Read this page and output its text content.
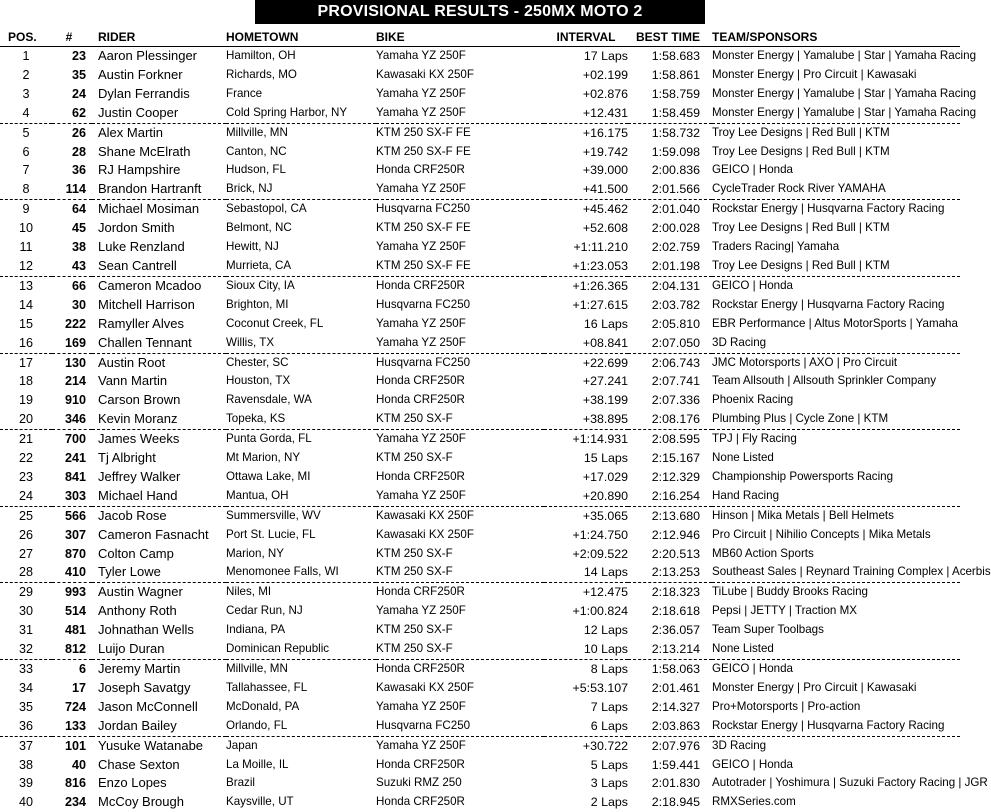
PROVISIONAL RESULTS - 250MX MOTO 2
POS.	#	RIDER	HOMETOWN	BIKE	INTERVAL	BEST TIME	TEAM/SPONSORS
1	23	Aaron Plessinger	Hamilton, OH	Yamaha YZ 250F	17 Laps	1:58.683	Monster Energy | Yamalube | Star | Yamaha Racing
2	35	Austin Forkner	Richards, MO	Kawasaki KX 250F	+02.199	1:58.861	Monster Energy | Pro Circuit | Kawasaki
3	24	Dylan Ferrandis	France	Yamaha YZ 250F	+02.876	1:58.759	Monster Energy | Yamalube | Star | Yamaha Racing
4	62	Justin Cooper	Cold Spring Harbor, NY	Yamaha YZ 250F	+12.431	1:58.459	Monster Energy | Yamalube | Star | Yamaha Racing
5	26	Alex Martin	Millville, MN	KTM 250 SX-F FE	+16.175	1:58.732	Troy Lee Designs | Red Bull | KTM
6	28	Shane McElrath	Canton, NC	KTM 250 SX-F FE	+19.742	1:59.098	Troy Lee Designs | Red Bull | KTM
7	36	RJ Hampshire	Hudson, FL	Honda CRF250R	+39.000	2:00.836	GEICO | Honda
8	114	Brandon Hartranft	Brick, NJ	Yamaha YZ 250F	+41.500	2:01.566	CycleTrader Rock River YAMAHA
9	64	Michael Mosiman	Sebastopol, CA	Husqvarna FC250	+45.462	2:01.040	Rockstar Energy | Husqvarna Factory Racing
10	45	Jordon Smith	Belmont, NC	KTM 250 SX-F FE	+52.608	2:00.028	Troy Lee Designs | Red Bull | KTM
11	38	Luke Renzland	Hewitt, NJ	Yamaha YZ 250F	+1:11.210	2:02.759	Traders Racing| Yamaha
12	43	Sean Cantrell	Murrieta, CA	KTM 250 SX-F FE	+1:23.053	2:01.198	Troy Lee Designs | Red Bull | KTM
13	66	Cameron Mcadoo	Sioux City, IA	Honda CRF250R	+1:26.365	2:04.131	GEICO | Honda
14	30	Mitchell Harrison	Brighton, MI	Husqvarna FC250	+1:27.615	2:03.782	Rockstar Energy | Husqvarna Factory Racing
15	222	Ramyller Alves	Coconut Creek, FL	Yamaha YZ 250F	16 Laps	2:05.810	EBR Performance | Altus MotorSports | Yamaha
16	169	Challen Tennant	Willis, TX	Yamaha YZ 250F	+08.841	2:07.050	3D Racing
17	130	Austin Root	Chester, SC	Husqvarna FC250	+22.699	2:06.743	JMC Motorsports | AXO | Pro Circuit
18	214	Vann Martin	Houston, TX	Honda CRF250R	+27.241	2:07.741	Team Allsouth | Allsouth Sprinkler Company
19	910	Carson Brown	Ravensdale, WA	Honda CRF250R	+38.199	2:07.336	Phoenix Racing
20	346	Kevin Moranz	Topeka, KS	KTM 250 SX-F	+38.895	2:08.176	Plumbing Plus | Cycle Zone | KTM
21	700	James Weeks	Punta Gorda, FL	Yamaha YZ 250F	+1:14.931	2:08.595	TPJ | Fly Racing
22	241	Tj Albright	Mt Marion, NY	KTM 250 SX-F	15 Laps	2:15.167	None Listed
23	841	Jeffrey Walker	Ottawa Lake, MI	Honda CRF250R	+17.029	2:12.329	Championship Powersports Racing
24	303	Michael Hand	Mantua, OH	Yamaha YZ 250F	+20.890	2:16.254	Hand Racing
25	566	Jacob Rose	Summersville, WV	Kawasaki KX 250F	+35.065	2:13.680	Hinson | Mika Metals | Bell Helmets
26	307	Cameron Fasnacht	Port St. Lucie, FL	Kawasaki KX 250F	+1:24.750	2:12.946	Pro Circuit | Nihilio Concepts | Mika Metals
27	870	Colton Camp	Marion, NY	KTM 250 SX-F	+2:09.522	2:20.513	MB60 Action Sports
28	410	Tyler Lowe	Menomonee Falls, WI	KTM 250 SX-F	14 Laps	2:13.253	Southeast Sales | Reynard Training Complex | Acerbis
29	993	Austin Wagner	Niles, MI	Honda CRF250R	+12.475	2:18.323	TiLube | Buddy Brooks Racing
30	514	Anthony Roth	Cedar Run, NJ	Yamaha YZ 250F	+1:00.824	2:18.618	Pepsi | JETTY | Traction MX
31	481	Johnathan Wells	Indiana, PA	KTM 250 SX-F	12 Laps	2:36.057	Team Super Toolbags
32	812	Luijo Duran	Dominican Republic	KTM 250 SX-F	10 Laps	2:13.214	None Listed
33	6	Jeremy Martin	Millville, MN	Honda CRF250R	8 Laps	1:58.063	GEICO | Honda
34	17	Joseph Savatgy	Tallahassee, FL	Kawasaki KX 250F	+5:53.107	2:01.461	Monster Energy | Pro Circuit | Kawasaki
35	724	Jason McConnell	McDonald, PA	Yamaha YZ 250F	7 Laps	2:14.327	Pro+Motorsports | Pro-action
36	133	Jordan Bailey	Orlando, FL	Husqvarna FC250	6 Laps	2:03.863	Rockstar Energy | Husqvarna Factory Racing
37	101	Yusuke Watanabe	Japan	Yamaha YZ 250F	+30.722	2:07.976	3D Racing
38	40	Chase Sexton	La Moille, IL	Honda CRF250R	5 Laps	1:59.441	GEICO | Honda
39	816	Enzo Lopes	Brazil	Suzuki RMZ 250	3 Laps	2:01.830	Autotrader | Yoshimura | Suzuki Factory Racing | JGR
40	234	McCoy Brough	Kaysville, UT	Honda CRF250R	2 Laps	2:18.945	RMXSeries.com
